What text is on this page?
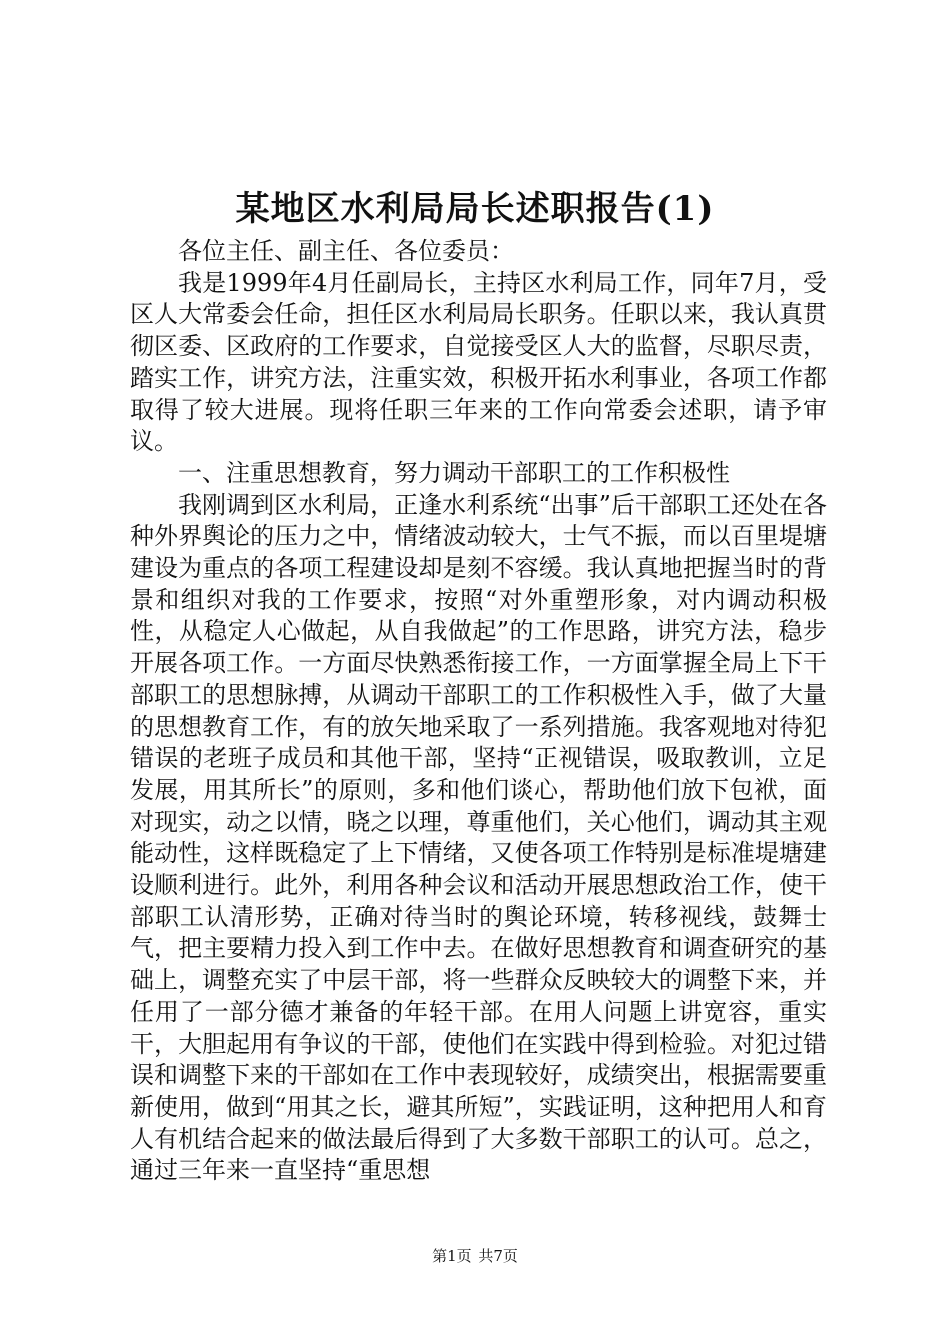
某地区水利局局长述职报告(1)

各位主任、副主任、各位委员：

我是1999年4月任副局长，主持区水利局工作，同年7月，受区人大常委会任命，担任区水利局局长职务。任职以来，我认真贯彻区委、区政府的工作要求，自觉接受区人大的监督，尽职尽责，踏实工作，讲究方法，注重实效，积极开拓水利事业，各项工作都取得了较大进展。现将任职三年来的工作向常委会述职，请予审议。

一、注重思想教育，努力调动干部职工的工作积极性

我刚调到区水利局，正逢水利系统“出事”后干部职工还处在各种外界舆论的压力之中，情绪波动较大，士气不振，而以百里堤塘建设为重点的各项工程建设却是刻不容缓。我认真地把握当时的背景和组织对我的工作要求，按照“对外重塑形象，对内调动积极性，从稳定人心做起，从自我做起”的工作思路，讲究方法，稳步开展各项工作。一方面尽快熟悉衔接工作，一方面掌握全局上下干部职工的思想脉搏，从调动干部职工的工作积极性入手，做了大量的思想教育工作，有的放矢地采取了一系列措施。我客观地对待犯错误的老班子成员和其他干部，坚持“正视错误，吸取教训，立足发展，用其所长”的原则，多和他们谈心，帮助他们放下包袱，面对现实，动之以情，晓之以理，尊重他们，关心他们，调动其主观能动性，这样既稳定了上下情绪，又使各项工作特别是标准堤塘建设顺利进行。此外，利用各种会议和活动开展思想政治工作，使干部职工认清形势，正确对待当时的舆论环境，转移视线，鼓舞士气，把主要精力投入到工作中去。在做好思想教育和调查研究的基础上，调整充实了中层干部，将一些群众反映较大的调整下来，并任用了一部分德才兼备的年轻干部。在用人问题上讲宽容，重实干，大胆起用有争议的干部，使他们在实践中得到检验。对犯过错误和调整下来的干部如在工作中表现较好，成绩突出，根据需要重新使用，做到“用其之长，避其所短”，实践证明，这种把用人和育人有机结合起来的做法最后得到了大多数干部职工的认可。总之，通过三年来一直坚持“重思想

第1页 共7页
